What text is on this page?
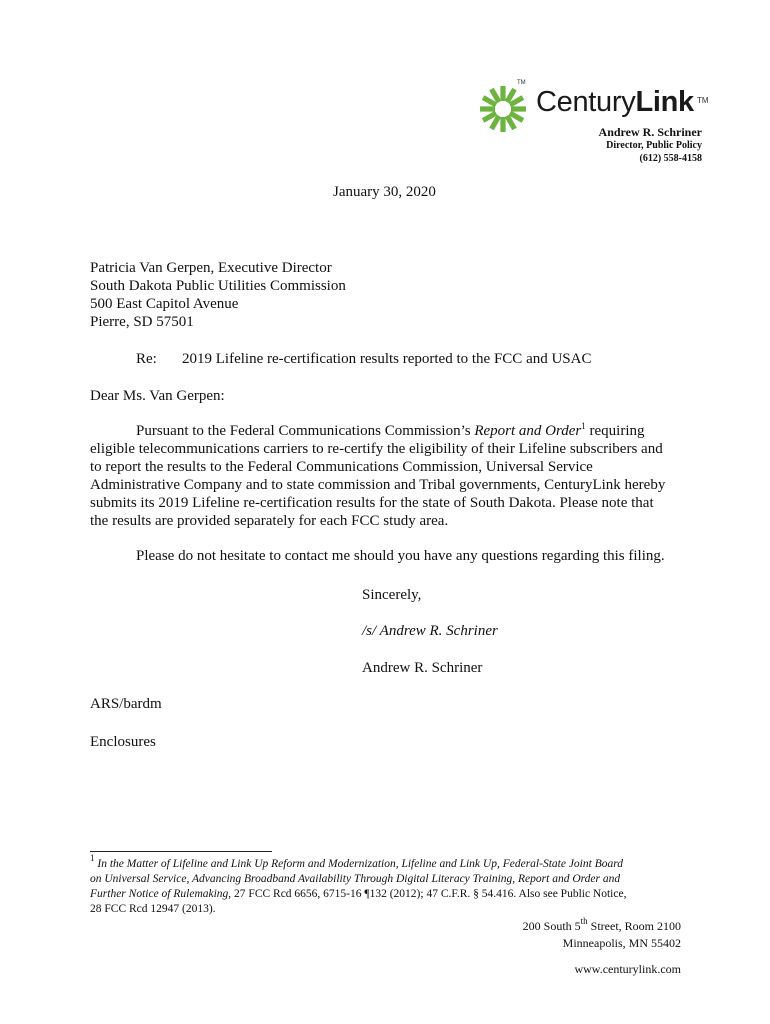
TM
CenturyLink TM
Andrew R. Schriner
Director, Public Policy
(612) 558-4158
January 30, 2020
Patricia Van Gerpen, Executive Director
South Dakota Public Utilities Commission
500 East Capitol Avenue
Pierre, SD 57501
Re: 2019 Lifeline re-certification results reported to the FCC and USAC
Dear Ms. Van Gerpen:
Pursuant to the Federal Communications Commission’s Report and Order$^1$ requiring
eligible telecommunications carriers to re-certify the eligibility of their Lifeline subscribers and
to report the results to the Federal Communications Commission, Universal Service
Administrative Company and to state commission and Tribal governments, CenturyLink hereby
submits its 2019 Lifeline re-certification results for the state of South Dakota. Please note that
the results are provided separately for each FCC study area.
Please do not hesitate to contact me should you have any questions regarding this filing.
Sincerely,
/s/ Andrew R. Schriner
Andrew R. Schriner
ARS/bardm
Enclosures
$^1$ In the Matter of Lifeline and Link Up Reform and Modernization, Lifeline and Link Up, Federal-State Joint Board
on Universal Service, Advancing Broadband Availability Through Digital Literacy Training, Report and Order and
Further Notice of Rulemaking, 27 FCC Rcd 6656, 6715-16 ¶132 (2012); 47 C.F.R. § 54.416. Also see Public Notice,
28 FCC Rcd 12947 (2013).
200 South 5th Street, Room 2100
Minneapolis, MN 55402
www.centurylink.com
